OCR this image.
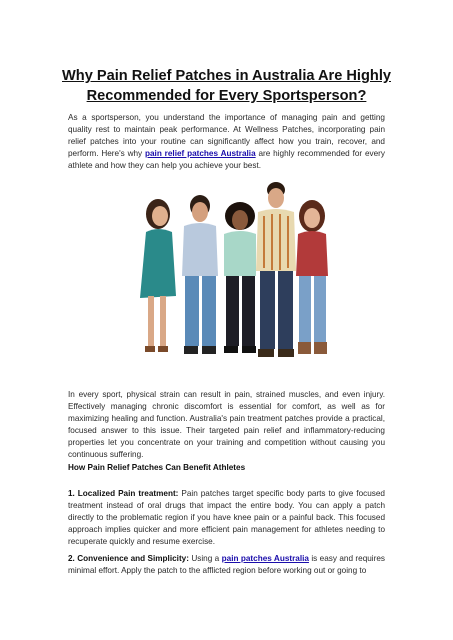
Why Pain Relief Patches in Australia Are Highly
Recommended for Every Sportsperson?
As a sportsperson, you understand the importance of managing pain and getting quality rest to maintain peak performance. At Wellness Patches, incorporating pain relief patches into your routine can significantly affect how you train, recover, and perform. Here's why pain relief patches Australia are highly recommended for every athlete and how they can help you achieve your best.
In every sport, physical strain can result in pain, strained muscles, and even injury. Effectively managing chronic discomfort is essential for comfort, as well as for maximizing healing and function. Australia's pain treatment patches provide a practical, focused answer to this issue. Their targeted pain relief and inflammatory-reducing properties let you concentrate on your training and competition without causing you continuous suffering.
How Pain Relief Patches Can Benefit Athletes
1. Localized Pain treatment: Pain patches target specific body parts to give focused treatment instead of oral drugs that impact the entire body. You can apply a patch directly to the problematic region if you have knee pain or a painful back. This focused approach implies quicker and more efficient pain management for athletes needing to recuperate quickly and resume exercise.
2. Convenience and Simplicity: Using a pain patches Australia is easy and requires minimal effort. Apply the patch to the afflicted region before working out or going to
